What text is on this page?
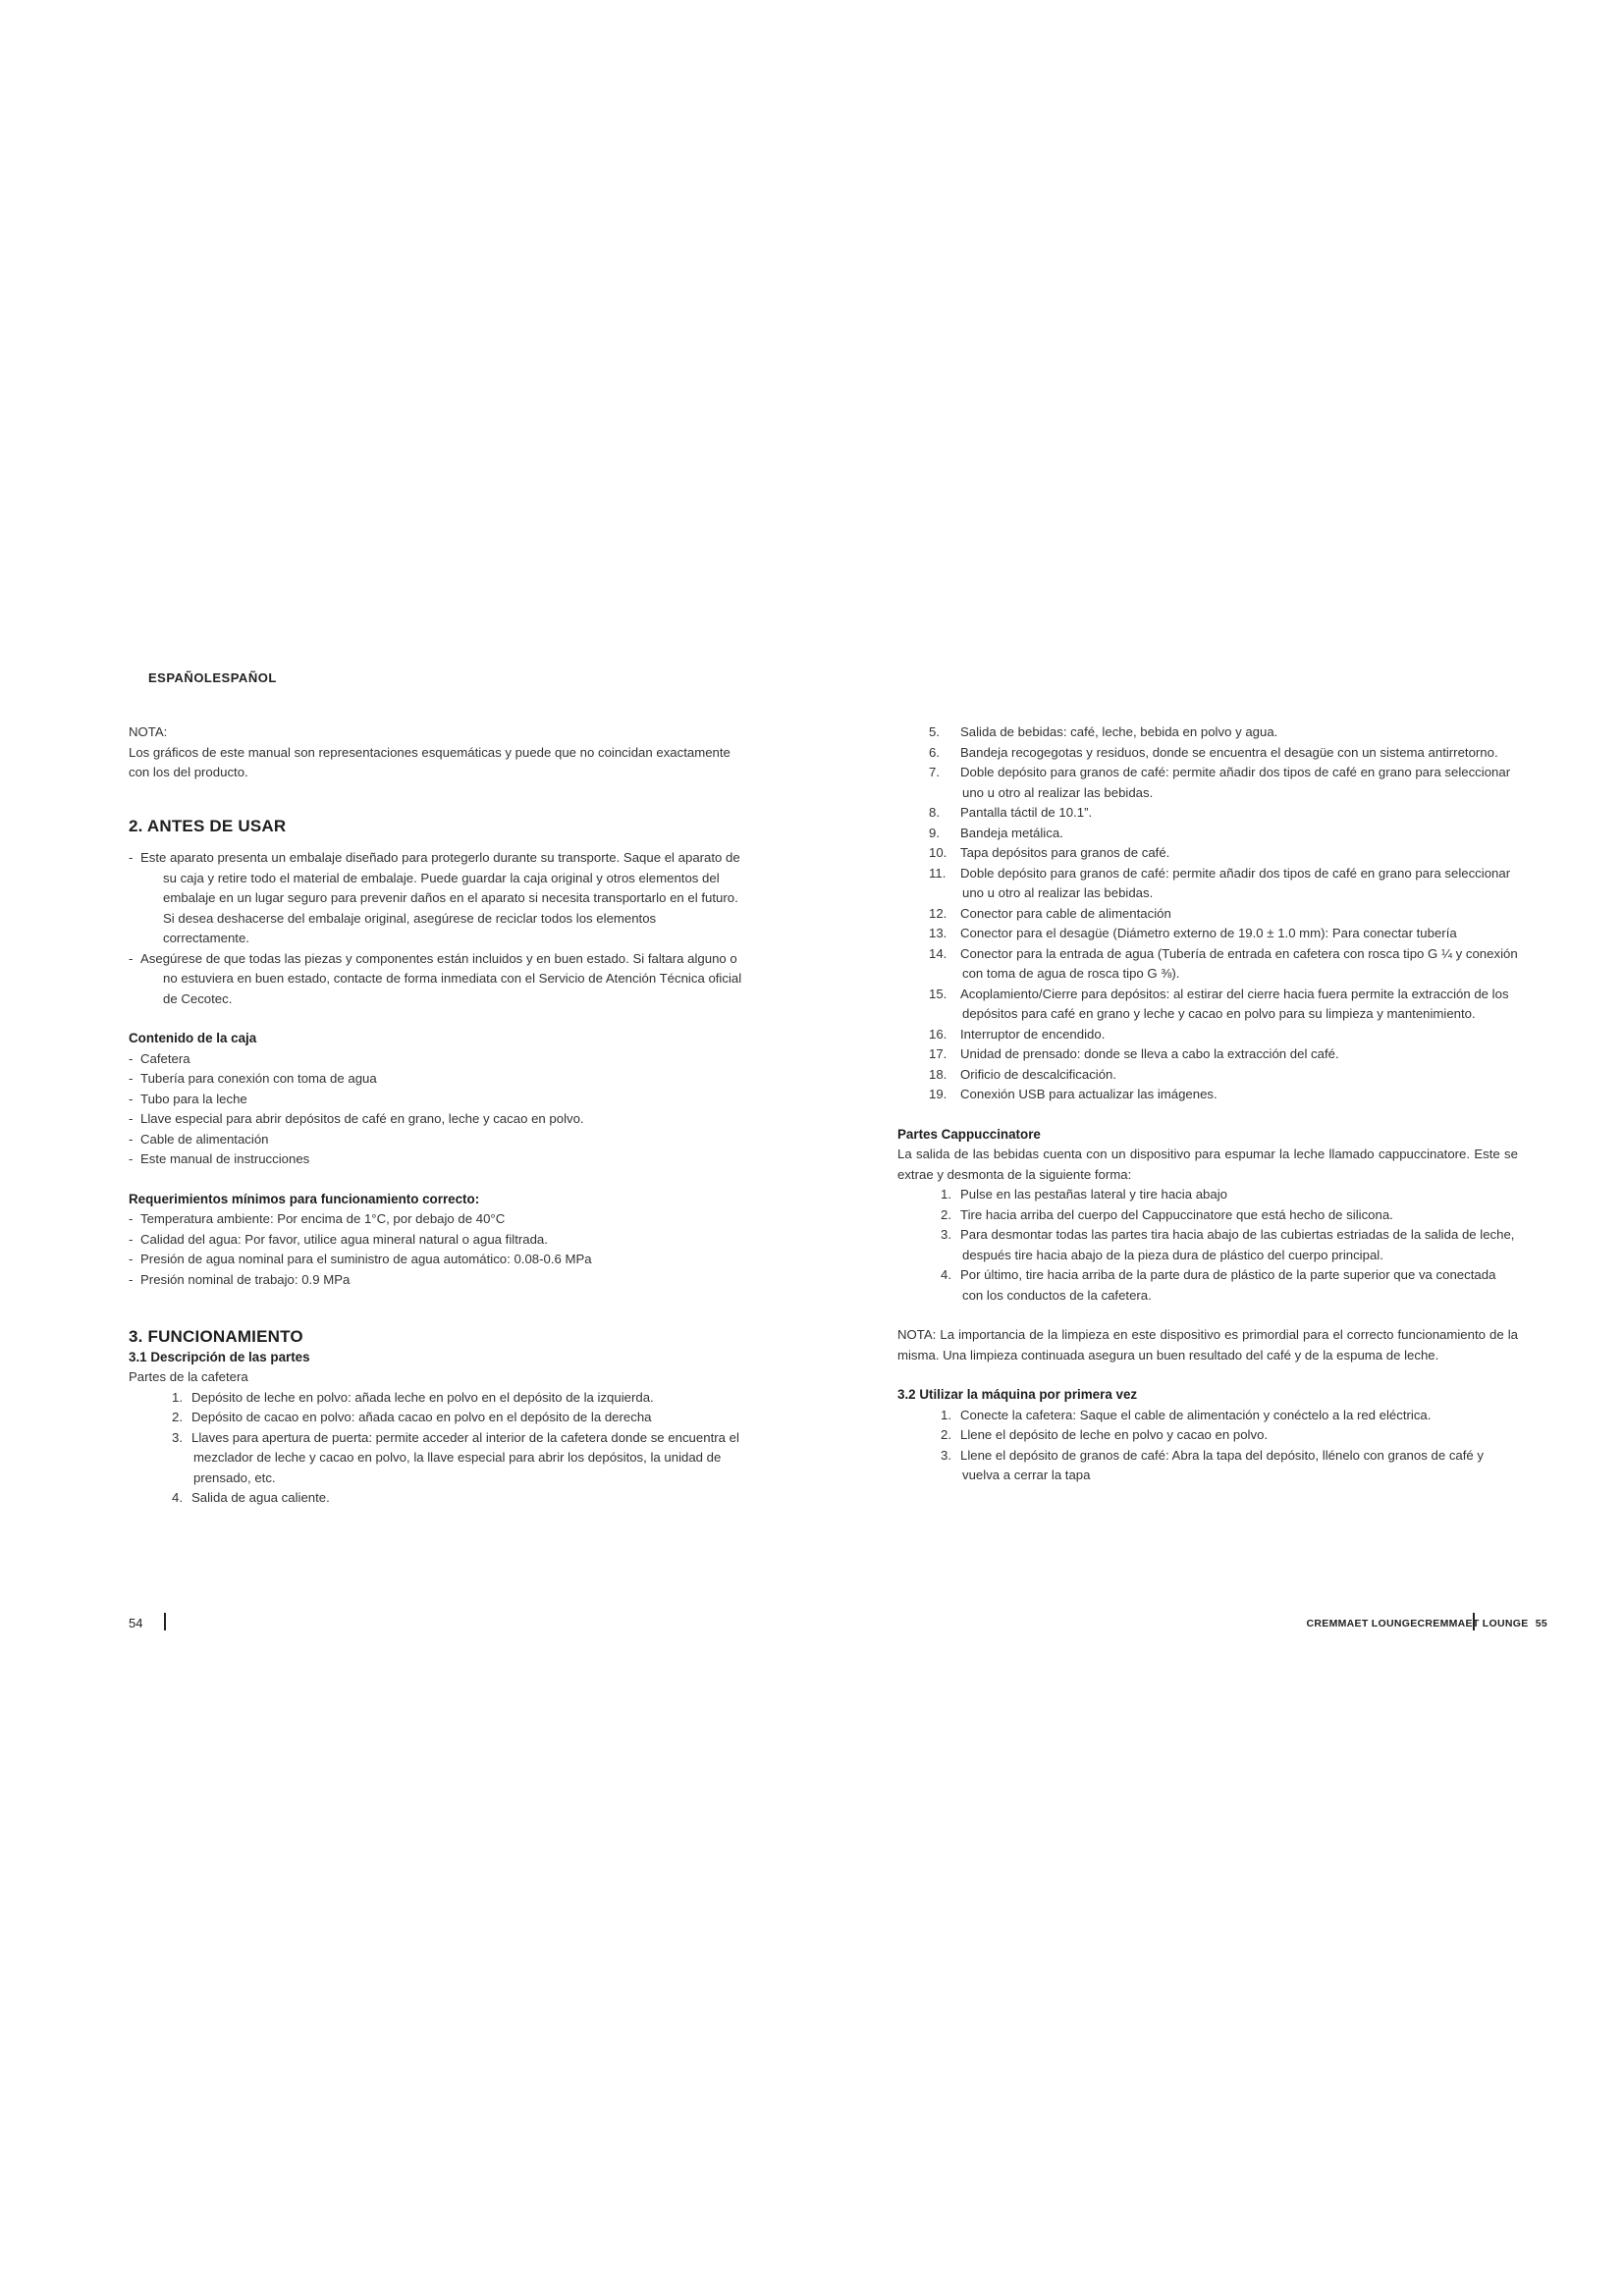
ESPAÑOLESPAÑOL

NOTA:

Los gráficos de este manual son representaciones esquemáticas y puede que no coincidan exactamente con los del producto.

2. ANTES DE USAR

- Este aparato presenta un embalaje diseñado para protegerlo durante su transporte. Saque el aparato de su caja y retire todo el material de embalaje. Puede guardar la caja original y otros elementos del embalaje en un lugar seguro para prevenir daños en el aparato si necesita transportarlo en el futuro. Si desea deshacerse del embalaje original, asegúrese de reciclar todos los elementos correctamente.

- Asegúrese de que todas las piezas y componentes están incluidos y en buen estado. Si faltara alguno o no estuviera en buen estado, contacte de forma inmediata con el Servicio de Atención Técnica oficial de Cecotec.

Contenido de la caja

- Cafetera

- Tubería para conexión con toma de agua

- Tubo para la leche

- Llave especial para abrir depósitos de café en grano, leche y cacao en polvo.

- Cable de alimentación

- Este manual de instrucciones

Requerimientos mínimos para funcionamiento correcto:

- Temperatura ambiente: Por encima de 1°C, por debajo de 40°C

- Calidad del agua: Por favor, utilice agua mineral natural o agua filtrada.

- Presión de agua nominal para el suministro de agua automático: 0.08-0.6 MPa

- Presión nominal de trabajo: 0.9 MPa

3. FUNCIONAMIENTO
3.1 Descripción de las partes

Partes de la cafetera

1. Depósito de leche en polvo: añada leche en polvo en el depósito de la izquierda.

2. Depósito de cacao en polvo: añada cacao en polvo en el depósito de la derecha

3. Llaves para apertura de puerta: permite acceder al interior de la cafetera donde se encuentra el mezclador de leche y cacao en polvo, la llave especial para abrir los depósitos, la unidad de prensado, etc.

4. Salida de agua caliente.

5. Salida de bebidas: café, leche, bebida en polvo y agua.

6. Bandeja recogegotas y residuos, donde se encuentra el desagüe con un sistema antirretorno.

7. Doble depósito para granos de café: permite añadir dos tipos de café en grano para seleccionar uno u otro al realizar las bebidas.

8. Pantalla táctil de 10.1”.

9. Bandeja metálica.

10. Tapa depósitos para granos de café.

11. Doble depósito para granos de café: permite añadir dos tipos de café en grano para seleccionar uno u otro al realizar las bebidas.

12. Conector para cable de alimentación

13. Conector para el desagüe (Diámetro externo de 19.0 ± 1.0 mm): Para conectar tubería

14. Conector para la entrada de agua (Tubería de entrada en cafetera con rosca tipo G ¼ y conexión con toma de agua de rosca tipo G ⅜).

15. Acoplamiento/Cierre para depósitos: al estirar del cierre hacia fuera permite la extracción de los depósitos para café en grano y leche y cacao en polvo para su limpieza y mantenimiento.

16. Interruptor de encendido.

17. Unidad de prensado: donde se lleva a cabo la extracción del café.

18. Orificio de descalcificación.

19. Conexión USB para actualizar las imágenes.

Partes Cappuccinatore

La salida de las bebidas cuenta con un dispositivo para espumar la leche llamado cappuccinatore. Este se extrae y desmonta de la siguiente forma:

1. Pulse en las pestañas lateral y tire hacia abajo

2. Tire hacia arriba del cuerpo del Cappuccinatore que está hecho de silicona.

3. Para desmontar todas las partes tira hacia abajo de las cubiertas estriadas de la salida de leche, después tire hacia abajo de la pieza dura de plástico del cuerpo principal.

4. Por último, tire hacia arriba de la parte dura de plástico de la parte superior que va conectada con los conductos de la cafetera.

NOTA: La importancia de la limpieza en este dispositivo es primordial para el correcto funcionamiento de la misma. Una limpieza continuada asegura un buen resultado del café y de la espuma de leche.

3.2 Utilizar la máquina por primera vez

1. Conecte la cafetera: Saque el cable de alimentación y conéctelo a la red eléctrica.

2. Llene el depósito de leche en polvo y cacao en polvo.

3. Llene el depósito de granos de café: Abra la tapa del depósito, llénelo con granos de café y vuelva a cerrar la tapa

54	CREMMAET LOUNGECREMMAET LOUNGE 55
